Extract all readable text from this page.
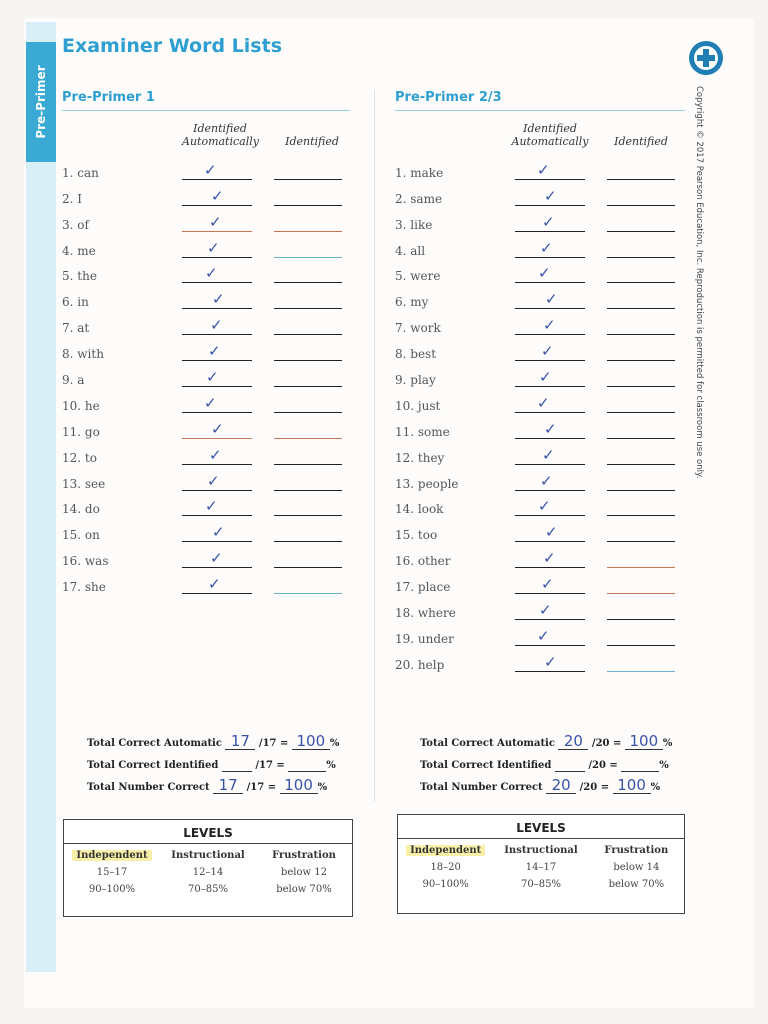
Pre-Primer
Examiner Word Lists
Copyright © 2017 Pearson Education, Inc. Reproduction is permitted for classroom use only.
Pre-Primer 1
Identified Automatically	Identified
1. can	✓
2. I	✓
3. of	✓
4. me	✓
5. the	✓
6. in	✓
7. at	✓
8. with	✓
9. a	✓
10. he	✓
11. go	✓
12. to	✓
13. see	✓
14. do	✓
15. on	✓
16. was	✓
17. she	✓
Pre-Primer 2/3
Identified Automatically	Identified
1. make	✓
2. same	✓
3. like	✓
4. all	✓
5. were	✓
6. my	✓
7. work	✓
8. best	✓
9. play	✓
10. just	✓
11. some	✓
12. they	✓
13. people	✓
14. look	✓
15. too	✓
16. other	✓
17. place	✓
18. where	✓
19. under	✓
20. help	✓
Total Correct Automatic 17 /17 = 100 %
Total Correct Identified	/17 =	%
Total Number Correct 17 /17 = 100 %
Total Correct Automatic 20 /20 = 100 %
Total Correct Identified	/20 =	%
Total Number Correct 20 /20 = 100 %
LEVELS
Independent	Instructional	Frustration
15–17	12–14	below 12
90–100%	70–85%	below 70%
LEVELS
Independent	Instructional	Frustration
18–20	14–17	below 14
90–100%	70–85%	below 70%
